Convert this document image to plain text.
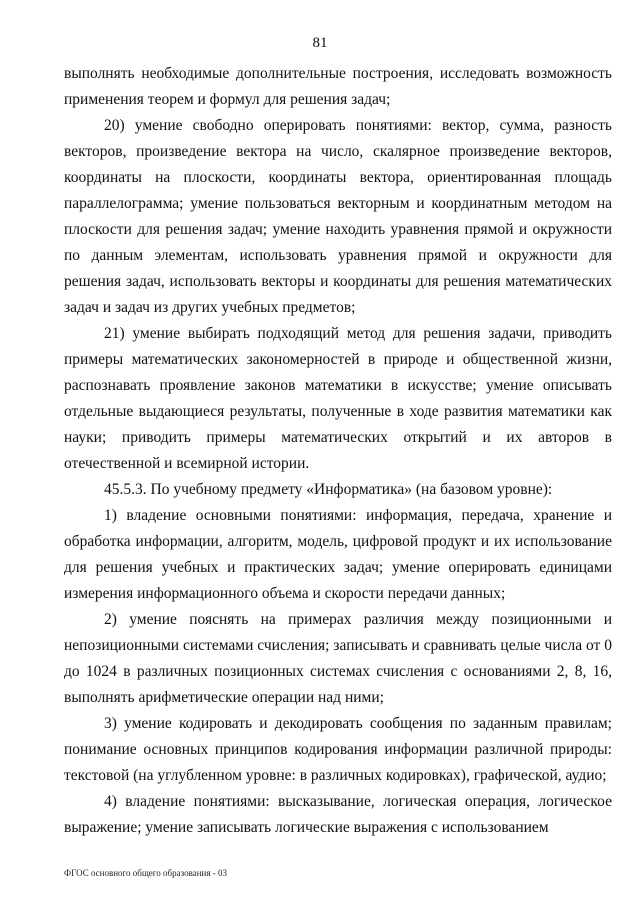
81

выполнять необходимые дополнительные построения, исследовать возможность применения теорем и формул для решения задач;

20) умение свободно оперировать понятиями: вектор, сумма, разность векторов, произведение вектора на число, скалярное произведение векторов, координаты на плоскости, координаты вектора, ориентированная площадь параллелограмма; умение пользоваться векторным и координатным методом на плоскости для решения задач; умение находить уравнения прямой и окружности по данным элементам, использовать уравнения прямой и окружности для решения задач, использовать векторы и координаты для решения математических задач и задач из других учебных предметов;

21) умение выбирать подходящий метод для решения задачи, приводить примеры математических закономерностей в природе и общественной жизни, распознавать проявление законов математики в искусстве; умение описывать отдельные выдающиеся результаты, полученные в ходе развития математики как науки; приводить примеры математических открытий и их авторов в отечественной и всемирной истории.

45.5.3. По учебному предмету «Информатика» (на базовом уровне):

1) владение основными понятиями: информация, передача, хранение и обработка информации, алгоритм, модель, цифровой продукт и их использование для решения учебных и практических задач; умение оперировать единицами измерения информационного объема и скорости передачи данных;

2) умение пояснять на примерах различия между позиционными и непозиционными системами счисления; записывать и сравнивать целые числа от 0 до 1024 в различных позиционных системах счисления с основаниями 2, 8, 16, выполнять арифметические операции над ними;

3) умение кодировать и декодировать сообщения по заданным правилам; понимание основных принципов кодирования информации различной природы: текстовой (на углубленном уровне: в различных кодировках), графической, аудио;

4) владение понятиями: высказывание, логическая операция, логическое выражение; умение записывать логические выражения с использованием

ФГОС основного общего образования - 03
